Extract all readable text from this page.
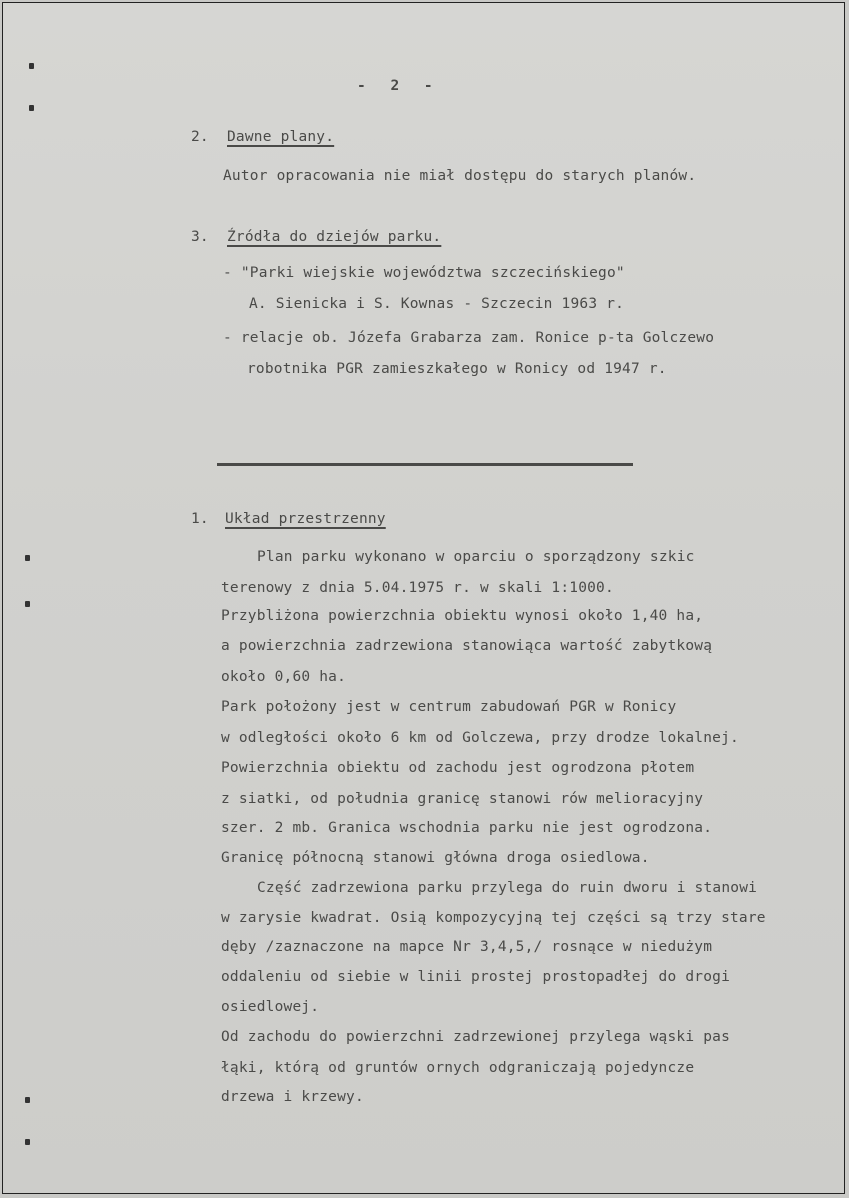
- 2 -
2. Dawne plany.
Autor opracowania nie miał dostępu do starych planów.
3. Źródła do dziejów parku.
- "Parki wiejskie województwa szczecińskiego"
A. Sienicka i S. Kownas - Szczecin 1963 r.
- relacje ob. Józefa Grabarza zam. Ronice p-ta Golczewo
robotnika PGR zamieszkałego w Ronicy od 1947 r.
1. Układ przestrzenny
Plan parku wykonano w oparciu o sporządzony szkic
terenowy z dnia 5.04.1975 r. w skali 1:1000.
Przybliżona powierzchnia obiektu wynosi około 1,40 ha,
a powierzchnia zadrzewiona stanowiąca wartość zabytkową
około 0,60 ha.
Park położony jest w centrum zabudowań PGR w Ronicy
w odległości około 6 km od Golczewa, przy drodze lokalnej.
Powierzchnia obiektu od zachodu jest ogrodzona płotem
z siatki, od południa granicę stanowi rów melioracyjny
szer. 2 mb. Granica wschodnia parku nie jest ogrodzona.
Granicę północną stanowi główna droga osiedlowa.
Część zadrzewiona parku przylega do ruin dworu i stanowi
w zarysie kwadrat. Osią kompozycyjną tej części są trzy stare
dęby /zaznaczone na mapce Nr 3,4,5,/ rosnące w niedużym
oddaleniu od siebie w linii prostej prostopadłej do drogi
osiedlowej.
Od zachodu do powierzchni zadrzewionej przylega wąski pas
łąki, którą od gruntów ornych odgraniczają pojedyncze
drzewa i krzewy.
